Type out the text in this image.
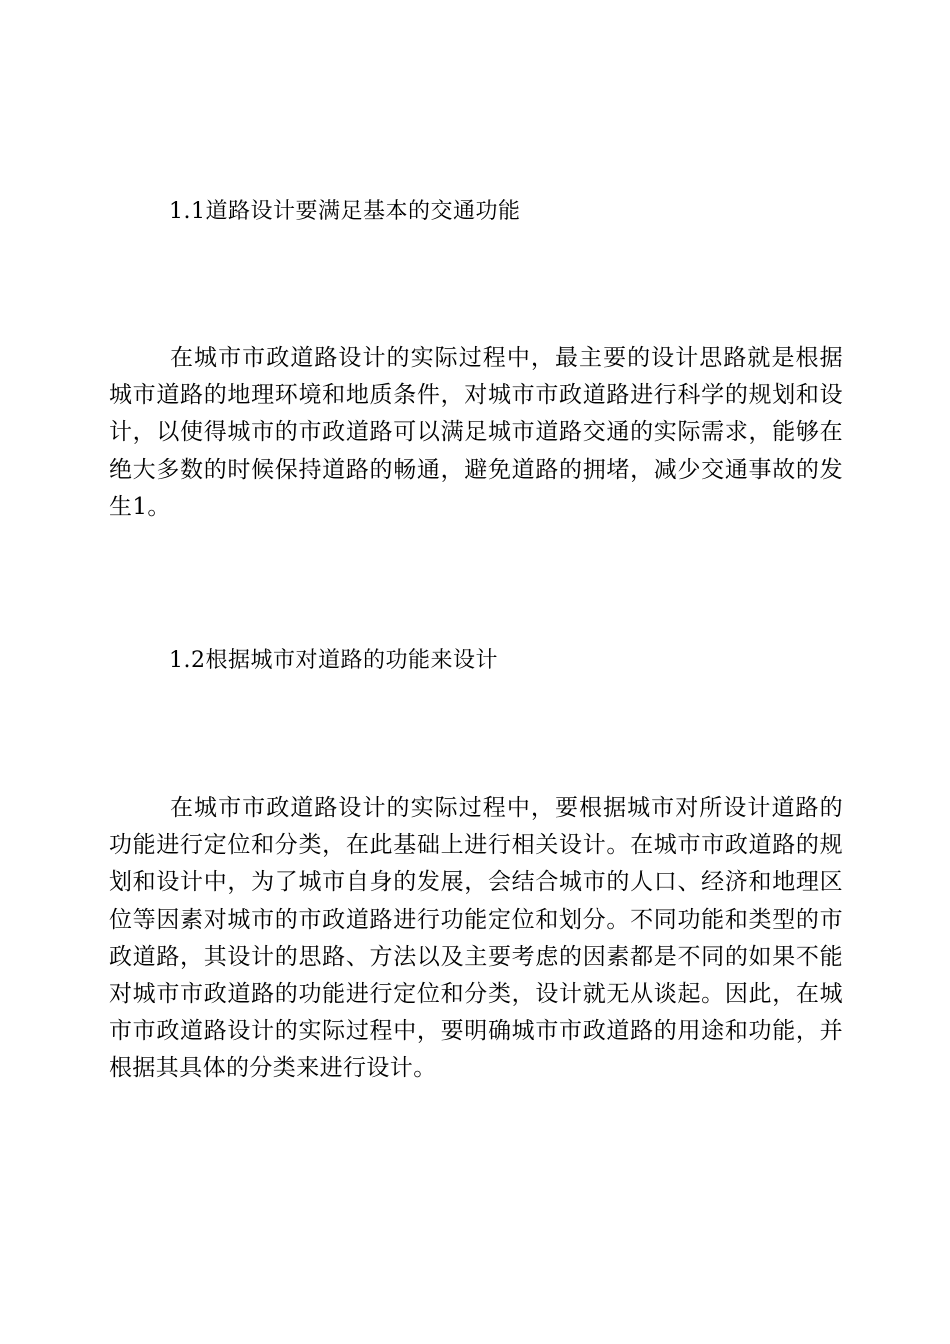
1.1道路设计要满足基本的交通功能
在城市市政道路设计的实际过程中，最主要的设计思路就是根据城市道路的地理环境和地质条件，对城市市政道路进行科学的规划和设计，以使得城市的市政道路可以满足城市道路交通的实际需求，能够在绝大多数的时候保持道路的畅通，避免道路的拥堵，减少交通事故的发生1。
1.2根据城市对道路的功能来设计
在城市市政道路设计的实际过程中，要根据城市对所设计道路的功能进行定位和分类，在此基础上进行相关设计。在城市市政道路的规划和设计中，为了城市自身的发展，会结合城市的人口、经济和地理区位等因素对城市的市政道路进行功能定位和划分。不同功能和类型的市政道路，其设计的思路、方法以及主要考虑的因素都是不同的如果不能对城市市政道路的功能进行定位和分类，设计就无从谈起。因此，在城市市政道路设计的实际过程中，要明确城市市政道路的用途和功能，并根据其具体的分类来进行设计。
